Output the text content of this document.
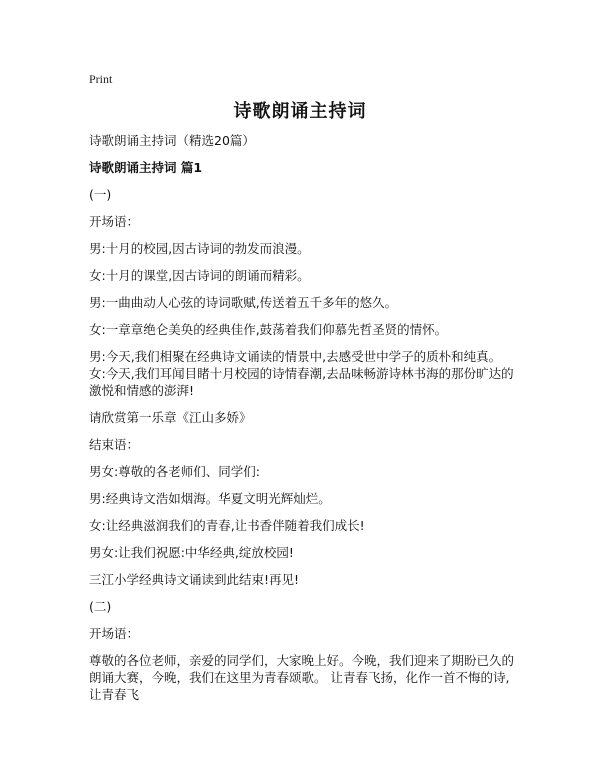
Print
诗歌朗诵主持词

诗歌朗诵主持词（精选20篇）

诗歌朗诵主持词 篇1

(一)

开场语：

男:十月的校园,因古诗词的勃发而浪漫。

女:十月的课堂,因古诗词的朗诵而精彩。

男:一曲曲动人心弦的诗词歌赋,传送着五千多年的悠久。

女:一章章绝仑美奂的经典佳作,鼓荡着我们仰慕先哲圣贤的情怀。

男:今天,我们相聚在经典诗文诵读的情景中,去感受世中学子的质朴和纯真。 女:今天,我们耳闻目睹十月校园的诗情春潮,去品味畅游诗林书海的那份旷达的激悦和情感的澎湃!

请欣赏第一乐章《江山多娇》

结束语：

男女:尊敬的各老师们、同学们:

男:经典诗文浩如烟海。华夏文明光辉灿烂。

女:让经典滋润我们的青春,让书香伴随着我们成长!

男女:让我们祝愿:中华经典,绽放校园!

三江小学经典诗文诵读到此结束!再见!

(二)

开场语：

尊敬的各位老师，亲爱的同学们，大家晚上好。今晚，我们迎来了期盼已久的朗诵大赛，今晚，我们在这里为青春颂歌。 让青春飞扬，化作一首不悔的诗,让青春飞
